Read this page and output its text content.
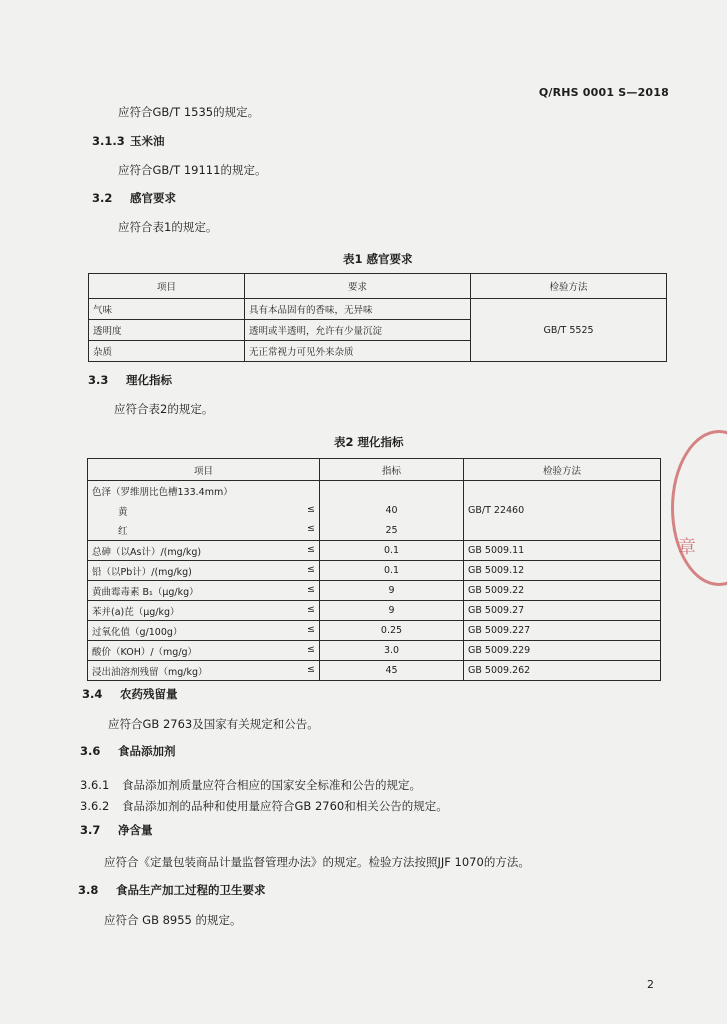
Q/RHS 0001 S—2018
应符合GB/T 1535的规定。
3.1.3 玉米油
应符合GB/T 19111的规定。
3.2 感官要求
应符合表1的规定。
表1 感官要求
项目	要求	检验方法
气味	具有本品固有的香味，无异味	GB/T 5525
透明度	透明或半透明，允许有少量沉淀	
杂质	无正常视力可见外来杂质	
3.3 理化指标
应符合表2的规定。
表2 理化指标
项目	指标	检验方法
色泽（罗维朋比色槽133.4mm）		GB/T 22460
黄 ≤	40	
红 ≤	25	
总砷（以As计）/(mg/kg) ≤	0.1	GB 5009.11
铅（以Pb计）/(mg/kg) ≤	0.1	GB 5009.12
黄曲霉毒素 B₁（μg/kg） ≤	9	GB 5009.22
苯并(a)芘（μg/kg） ≤	9	GB 5009.27
过氧化值（g/100g） ≤	0.25	GB 5009.227
酸价（KOH）/（mg/g） ≤	3.0	GB 5009.229
浸出油溶剂残留（mg/kg） ≤	45	GB 5009.262
3.4 农药残留量
应符合GB 2763及国家有关规定和公告。
3.6 食品添加剂
3.6.1 食品添加剂质量应符合相应的国家安全标准和公告的规定。
3.6.2 食品添加剂的品种和使用量应符合GB 2760和相关公告的规定。
3.7 净含量
应符合《定量包装商品计量监督管理办法》的规定。检验方法按照JJF 1070的方法。
3.8 食品生产加工过程的卫生要求
应符合 GB 8955 的规定。
章
2
